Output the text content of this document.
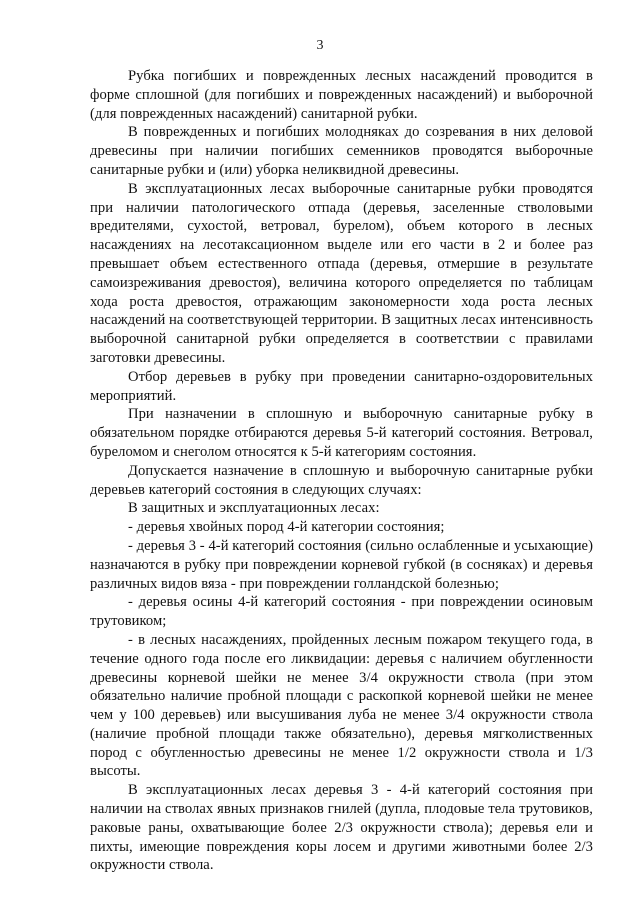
3

Рубка погибших и поврежденных лесных насаждений проводится в форме сплошной (для погибших и поврежденных насаждений) и выборочной (для поврежденных насаждений) санитарной рубки.

В поврежденных и погибших молодняках до созревания в них деловой древесины при наличии погибших семенников проводятся выборочные санитарные рубки и (или) уборка неликвидной древесины.

В эксплуатационных лесах выборочные санитарные рубки проводятся при наличии патологического отпада (деревья, заселенные стволовыми вредителями, сухостой, ветровал, бурелом), объем которого в лесных насаждениях на лесотаксационном выделе или его части в 2 и более раз превышает объем естественного отпада (деревья, отмершие в результате самоизреживания древостоя), величина которого определяется по таблицам хода роста древостоя, отражающим закономерности хода роста лесных насаждений на соответствующей территории. В защитных лесах интенсивность выборочной санитарной рубки определяется в соответствии с правилами заготовки древесины.

Отбор деревьев в рубку при проведении санитарно-оздоровительных мероприятий.

При назначении в сплошную и выборочную санитарные рубку в обязательном порядке отбираются деревья 5-й категорий состояния. Ветровал, буреломом и снеголом относятся к 5-й категориям состояния.

Допускается назначение в сплошную и выборочную санитарные рубки деревьев категорий состояния в следующих случаях:

В защитных и эксплуатационных лесах:

- деревья хвойных пород 4-й категории состояния;

- деревья 3 - 4-й категорий состояния (сильно ослабленные и усыхающие) назначаются в рубку при повреждении корневой губкой (в сосняках) и деревья различных видов вяза - при повреждении голландской болезнью;

- деревья осины 4-й категорий состояния - при повреждении осиновым трутовиком;

- в лесных насаждениях, пройденных лесным пожаром текущего года, в течение одного года после его ликвидации: деревья с наличием обугленности древесины корневой шейки не менее 3/4 окружности ствола (при этом обязательно наличие пробной площади с раскопкой корневой шейки не менее чем у 100 деревьев) или высушивания луба не менее 3/4 окружности ствола (наличие пробной площади также обязательно), деревья мягколиственных пород с обугленностью древесины не менее 1/2 окружности ствола и 1/3 высоты.

В эксплуатационных лесах деревья 3 - 4-й категорий состояния при наличии на стволах явных признаков гнилей (дупла, плодовые тела трутовиков, раковые раны, охватывающие более 2/3 окружности ствола); деревья ели и пихты, имеющие повреждения коры лосем и другими животными более 2/3 окружности ствола.
